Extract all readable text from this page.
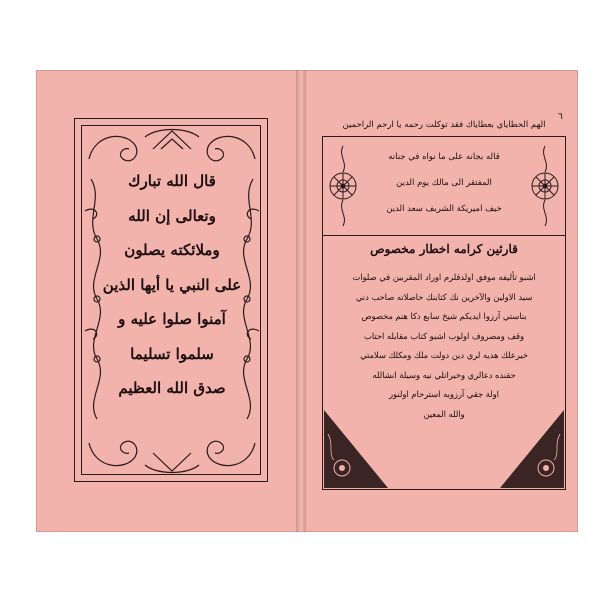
قال الله تبارك
وتعالى إن الله
وملائكته يصلون
على النبي يا أيها الذين
آمنوا صلوا عليه و
سلموا تسليما
صدق الله العظيم
٦
الهم الحطاياي بعطاياك فقد توكلت رحمه يا ارحم الراحمين
قاله بجانه على ما نواه في جنانه
المفتقر الى مالك يوم الدين
خيف اميريكة الشريف سعد الدين
قارئين كرامه اخطار مخصوص
اشبو تأليفه موفق اولدقلرم اوراد المقربين في صلوات
سيد الاولين والآخرين نك كتابنك حاصلاته صاحب دني
بناستي آرزوا ايديكم شيخ سابع دكا هنم مخصوص
وقف ومصروف اولوب اشبو كتاب مقابله احتاب
خيرعلك هديه لري دين دولت ملك ومكلك سلامتي
حقنده دعالري وخيراتلي نيه وسيلة انشالله
اولة جقي آرزويه استرحام اولنور
والله المعين
